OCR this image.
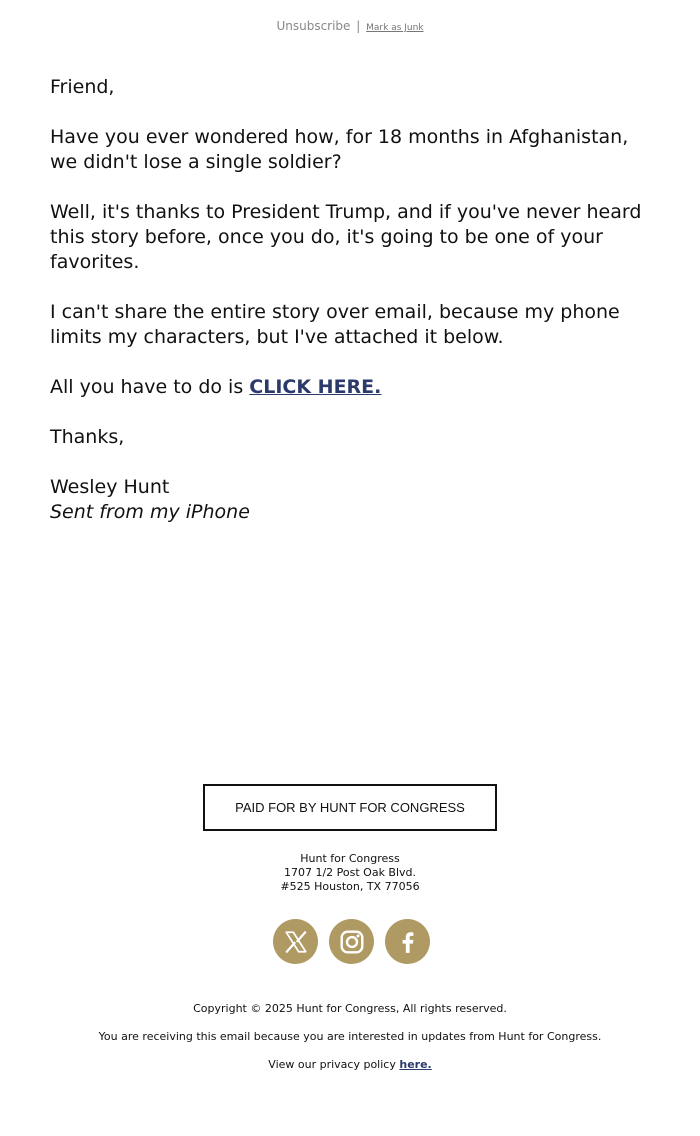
Unsubscribe | Mark as Junk

Friend,

Have you ever wondered how, for 18 months in Afghanistan, we didn't lose a single soldier?

Well, it's thanks to President Trump, and if you've never heard this story before, once you do, it's going to be one of your favorites.

I can't share the entire story over email, because my phone limits my characters, but I've attached it below.

All you have to do is CLICK HERE.

Thanks,

Wesley Hunt

Sent from my iPhone

PAID FOR BY HUNT FOR CONGRESS
Hunt for Congress
1707 1/2 Post Oak Blvd.
#525 Houston, TX 77056

Copyright © 2025 Hunt for Congress, All rights reserved.

You are receiving this email because you are interested in updates from Hunt for Congress.

View our privacy policy here.
